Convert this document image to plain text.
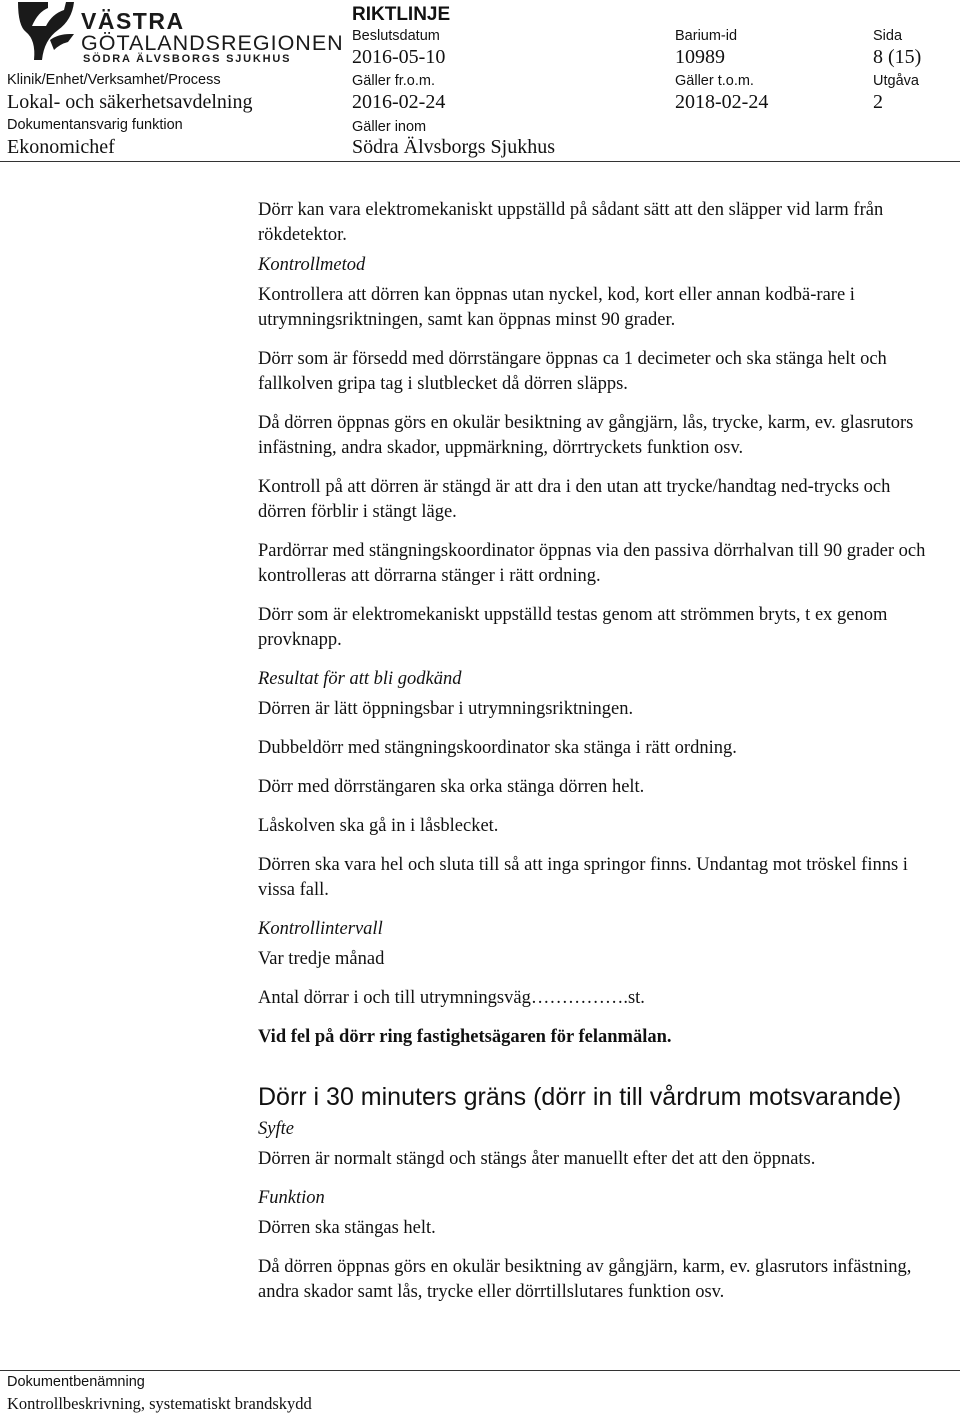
VÄSTRA
GÖTALANDSREGIONEN
SÖDRA ÄLVSBORGS SJUKHUS
Klinik/Enhet/Verksamhet/Process
Lokal- och säkerhetsavdelning
Dokumentansvarig funktion
Ekonomichef
RIKTLINJE
Beslutsdatum
2016-05-10
Gäller fr.o.m.
2016-02-24
Gäller inom
Södra Älvsborgs Sjukhus
Barium-id
10989
Gäller t.o.m.
2018-02-24
Sida
8 (15)
Utgåva
2

Dörr kan vara elektromekaniskt uppställd på sådant sätt att den släpper vid larm från rökdetektor.

Kontrollmetod

Kontrollera att dörren kan öppnas utan nyckel, kod, kort eller annan kodbä-rare i utrymningsriktningen, samt kan öppnas minst 90 grader.

Dörr som är försedd med dörrstängare öppnas ca 1 decimeter och ska stänga helt och fallkolven gripa tag i slutblecket då dörren släpps.

Då dörren öppnas görs en okulär besiktning av gångjärn, lås, trycke, karm, ev. glasrutors infästning, andra skador, uppmärkning, dörrtryckets funktion osv.

Kontroll på att dörren är stängd är att dra i den utan att trycke/handtag ned-trycks och dörren förblir i stängt läge.

Pardörrar med stängningskoordinator öppnas via den passiva dörrhalvan till 90 grader och kontrolleras att dörrarna stänger i rätt ordning.

Dörr som är elektromekaniskt uppställd testas genom att strömmen bryts, t ex genom provknapp.

Resultat för att bli godkänd

Dörren är lätt öppningsbar i utrymningsriktningen.

Dubbeldörr med stängningskoordinator ska stänga i rätt ordning.

Dörr med dörrstängaren ska orka stänga dörren helt.

Låskolven ska gå in i låsblecket.

Dörren ska vara hel och sluta till så att inga springor finns. Undantag mot tröskel finns i vissa fall.

Kontrollintervall

Var tredje månad

Antal dörrar i och till utrymningsväg…………….st.

Vid fel på dörr ring fastighetsägaren för felanmälan.

Dörr i 30 minuters gräns (dörr in till vårdrum motsvarande)

Syfte

Dörren är normalt stängd och stängs åter manuellt efter det att den öppnats.

Funktion

Dörren ska stängas helt.

Då dörren öppnas görs en okulär besiktning av gångjärn, karm, ev. glasrutors infästning, andra skador samt lås, trycke eller dörrtillslutares funktion osv.

Dokumentbenämning
Kontrollbeskrivning, systematiskt brandskydd
